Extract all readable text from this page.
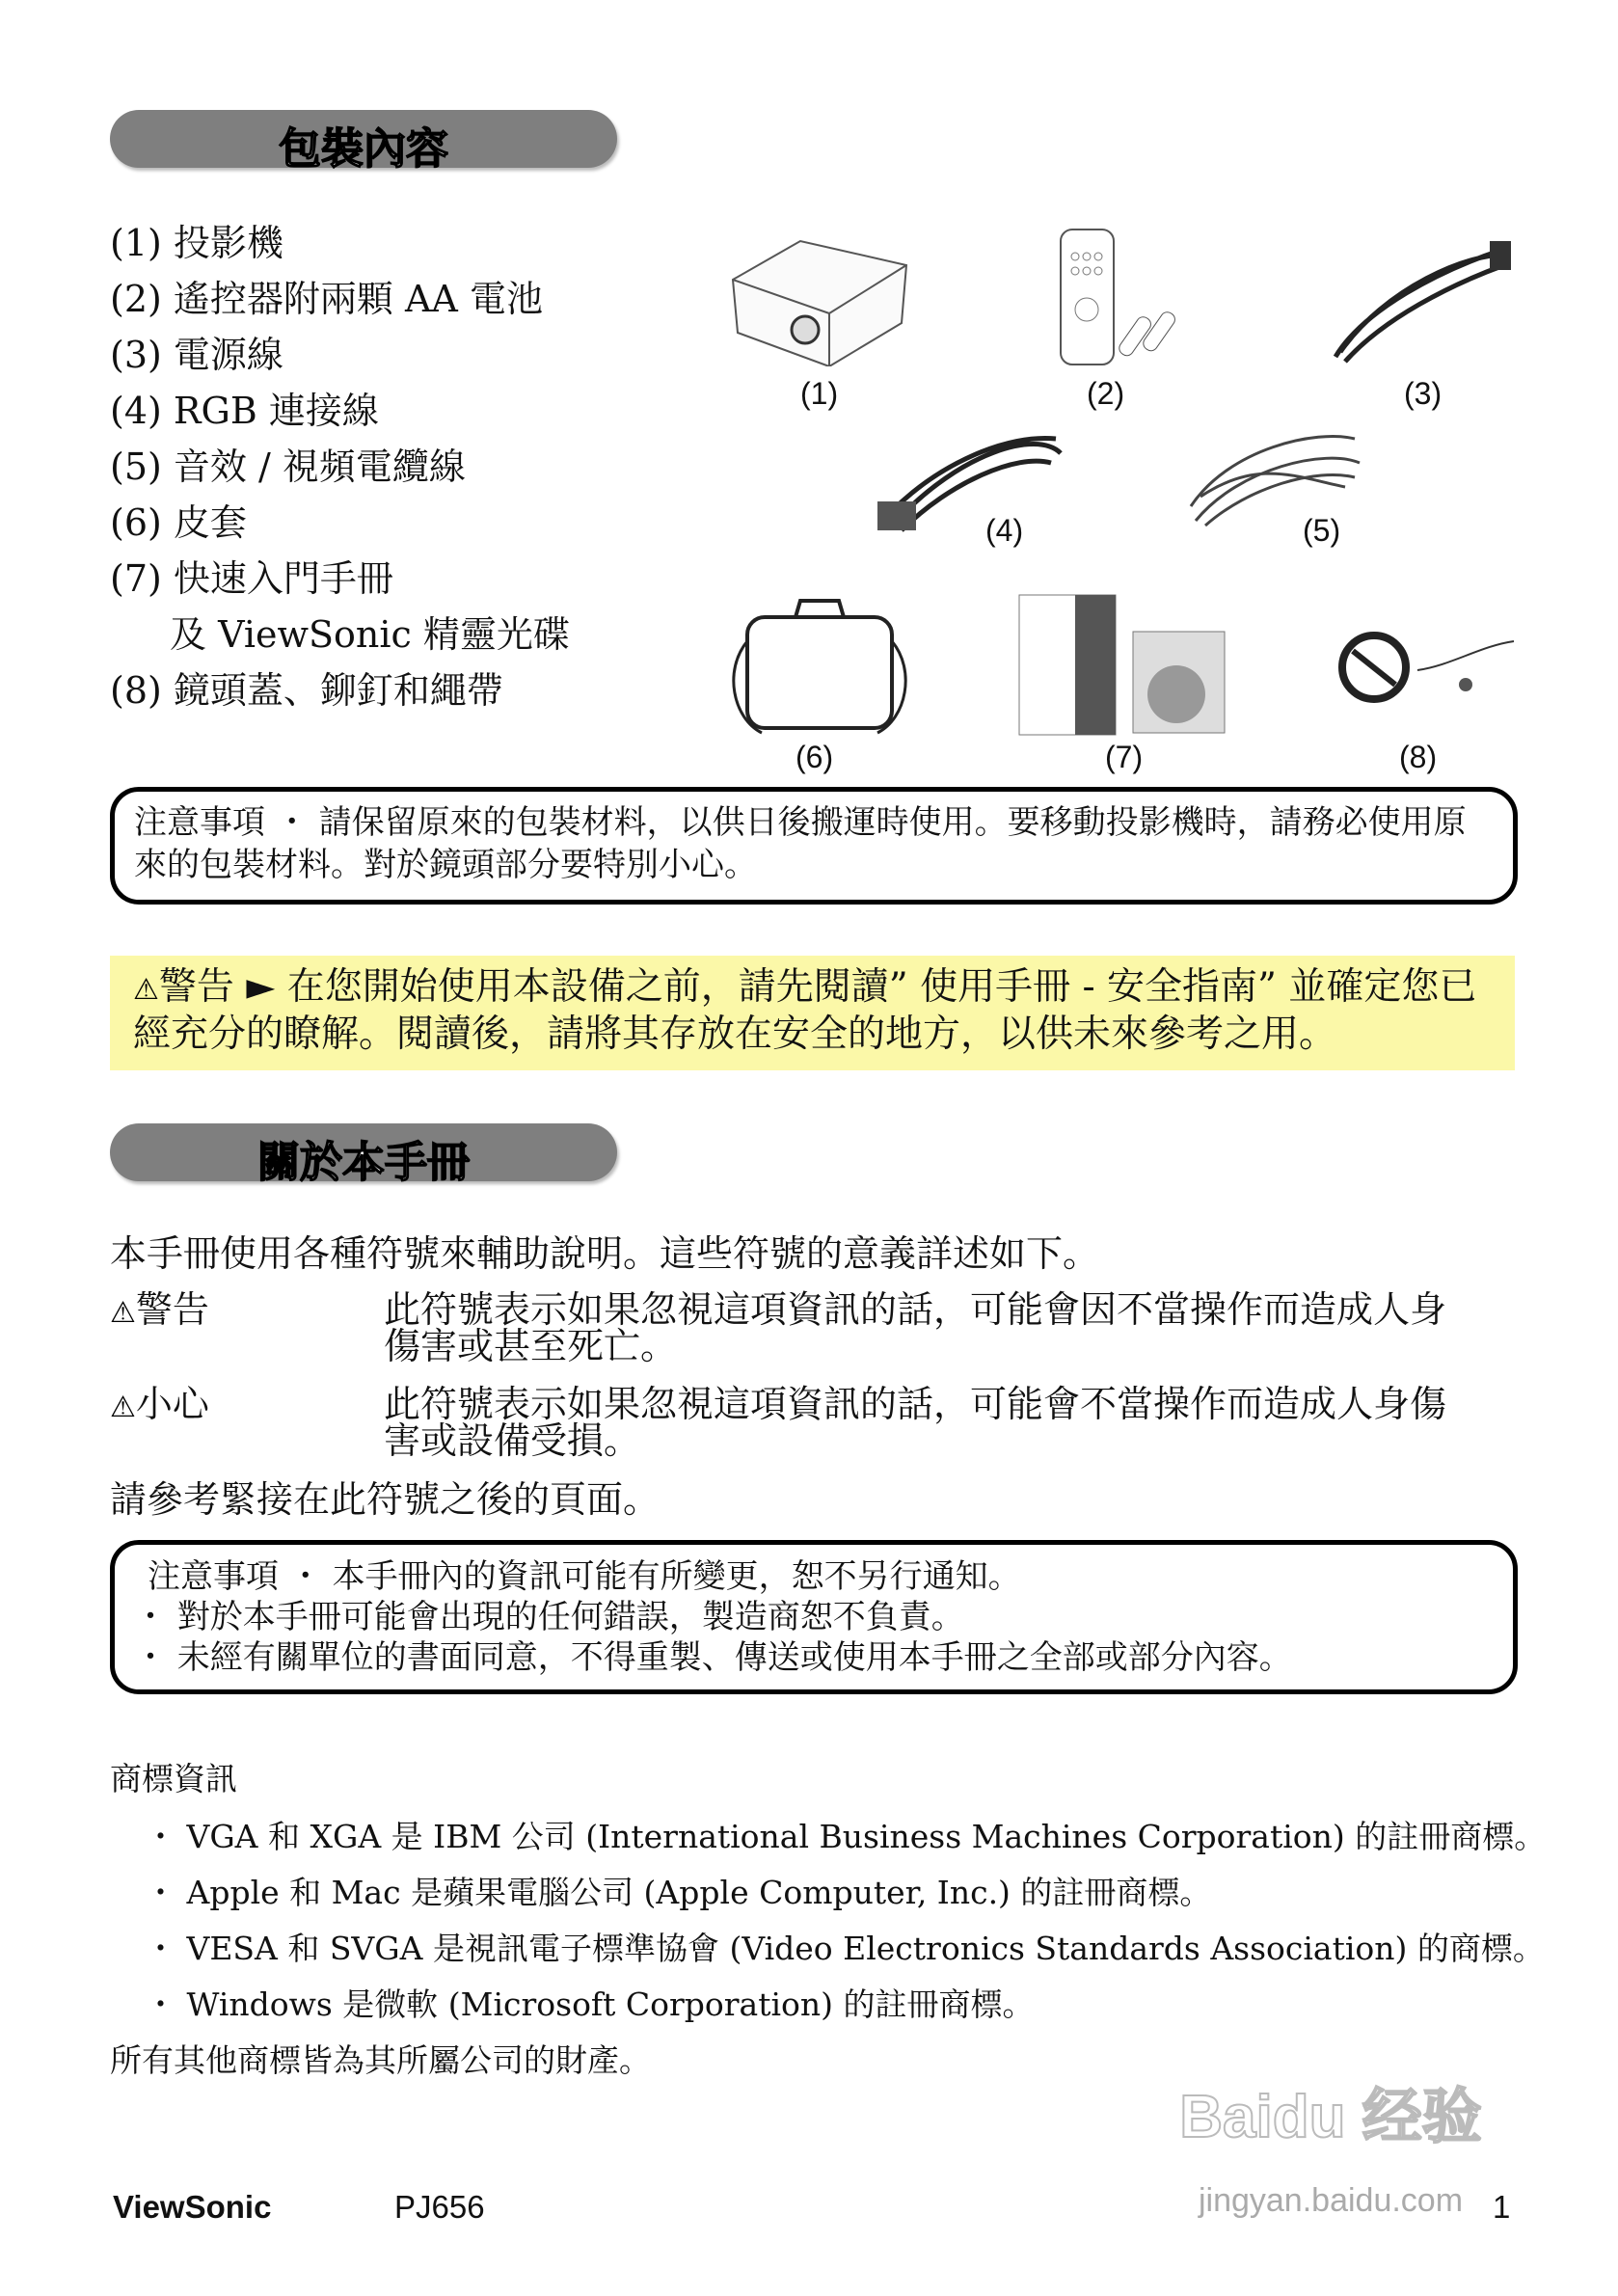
包裝內容
(1) 投影機
(2) 遙控器附兩顆 AA 電池
(3) 電源線
(4) RGB 連接線
(5) 音效 / 視頻電纜線
(6) 皮套
(7) 快速入門手冊
及 ViewSonic 精靈光碟
(8) 鏡頭蓋、鉚釘和繩帶
(1)	(2)	(3)
(4)	(5)
(6)	(7)	(8)
注意事項 ・ 請保留原來的包裝材料，以供日後搬運時使用。要移動投影機時，請務必使用原來的包裝材料。對於鏡頭部分要特別小心。
⚠警告 ► 在您開始使用本設備之前，請先閱讀” 使用手冊 - 安全指南” 並確定您已經充分的瞭解。閱讀後，請將其存放在安全的地方，以供未來參考之用。
關於本手冊
本手冊使用各種符號來輔助說明。這些符號的意義詳述如下。
⚠警告	此符號表示如果忽視這項資訊的話，可能會因不當操作而造成人身
傷害或甚至死亡。
⚠小心	此符號表示如果忽視這項資訊的話，可能會不當操作而造成人身傷
害或設備受損。
請參考緊接在此符號之後的頁面。
注意事項 ・ 本手冊內的資訊可能有所變更，恕不另行通知。
・ 對於本手冊可能會出現的任何錯誤，製造商恕不負責。
・ 未經有關單位的書面同意，不得重製、傳送或使用本手冊之全部或部分內容。
商標資訊
・ VGA 和 XGA 是 IBM 公司 (International Business Machines Corporation) 的註冊商標。
・ Apple 和 Mac 是蘋果電腦公司 (Apple Computer, Inc.) 的註冊商標。
・ VESA 和 SVGA 是視訊電子標準協會 (Video Electronics Standards Association) 的商標。
・ Windows 是微軟 (Microsoft Corporation) 的註冊商標。
所有其他商標皆為其所屬公司的財產。
Baidu 经验
jingyan.baidu.com
ViewSonic	PJ656	1
